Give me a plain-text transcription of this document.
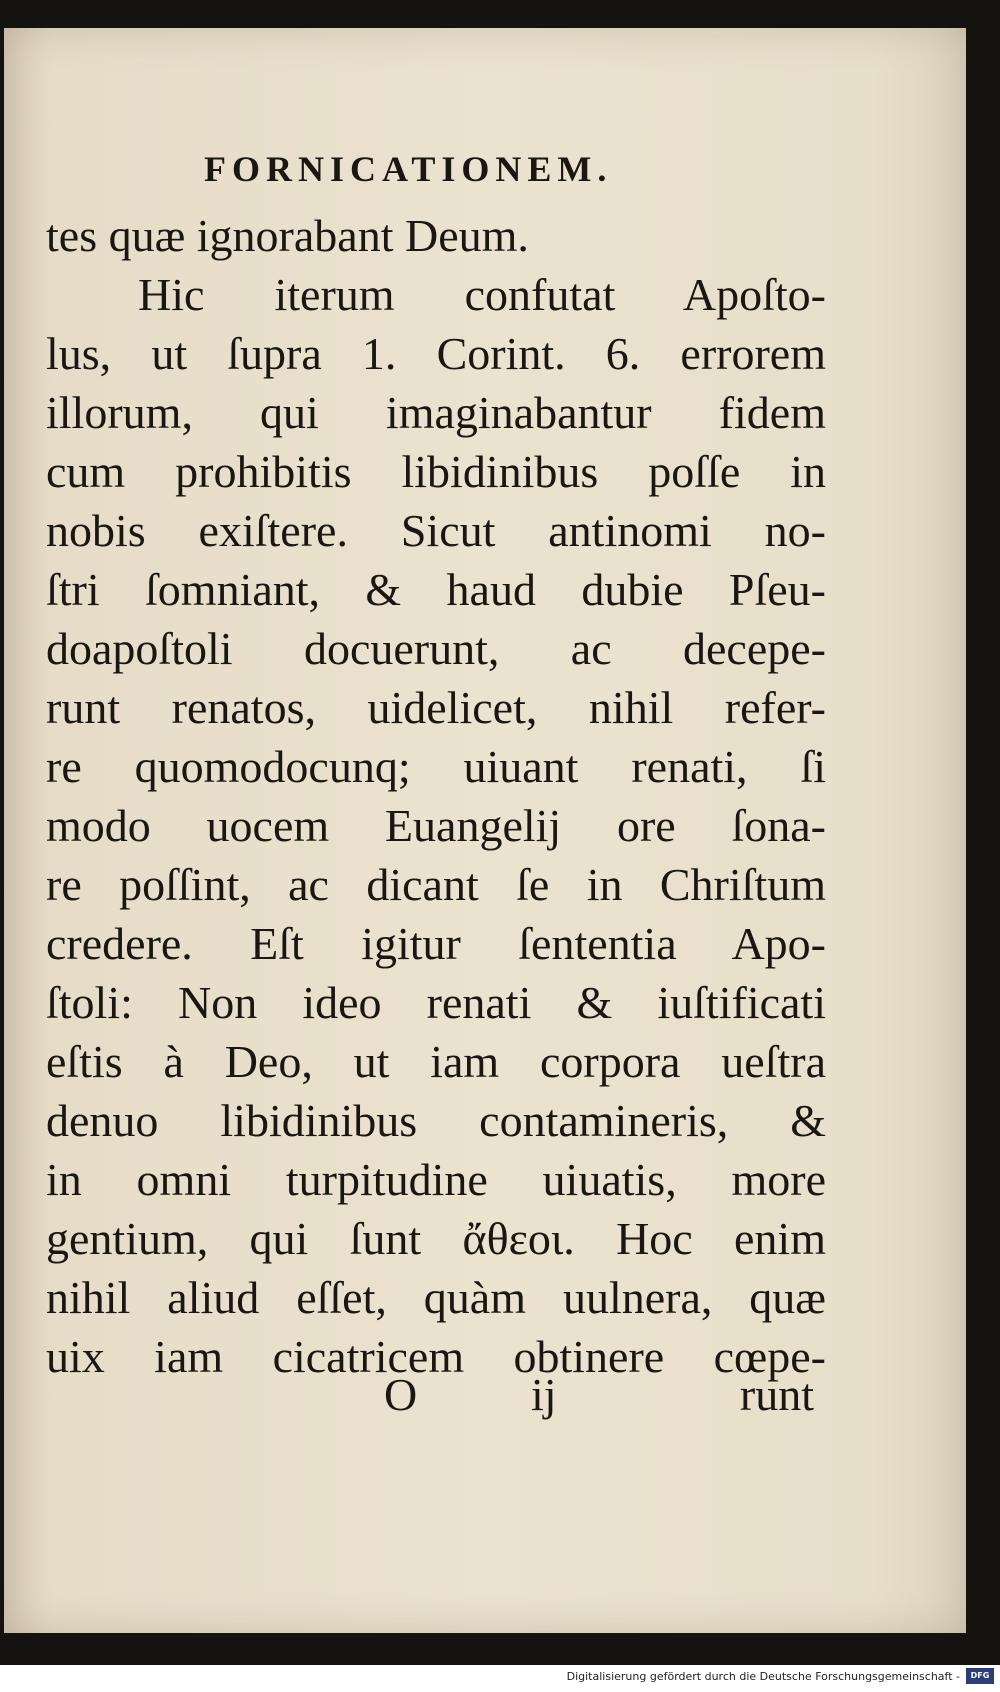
FORNICATIONEM.
tes quæ ignorabant Deum.
Hic iterum confutat Apoſto-
lus, ut ſupra 1. Corint. 6. errorem
illorum, qui imaginabantur fidem
cum prohibitis libidinibus poſſe in
nobis exiſtere. Sicut antinomi no-
ſtri ſomniant, & haud dubie Pſeu-
doapoſtoli docuerunt, ac decepe-
runt renatos, uidelicet, nihil refer-
re quomodocunq; uiuant renati, ſi
modo uocem Euangelij ore ſona-
re poſſint, ac dicant ſe in Chriſtum
credere. Eſt igitur ſententia Apo-
ſtoli: Non ideo renati & iuſtificati
eſtis à Deo, ut iam corpora ueſtra
denuo libidinibus contamineris, &
in omni turpitudine uiuatis, more
gentium, qui ſunt ἄθεοι. Hoc enim
nihil aliud eſſet, quàm uulnera, quæ
uix iam cicatricem obtinere cœpe-
O ij	runt
Digitalisierung gefördert durch die Deutsche Forschungsgemeinschaft -	DFG
